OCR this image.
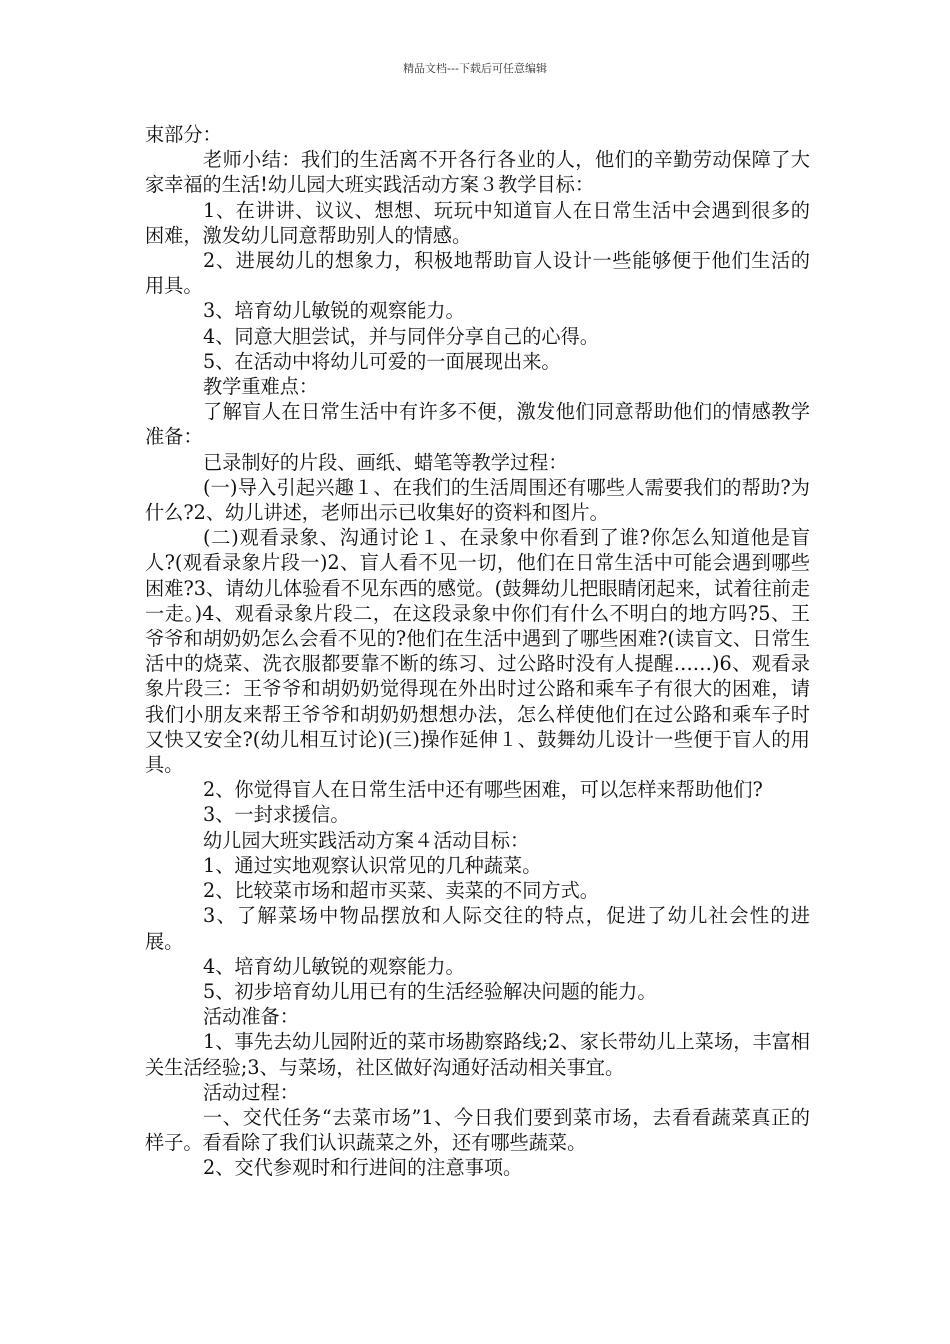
精品文档---下载后可任意编辑

束部分：

老师小结：我们的生活离不开各行各业的人，他们的辛勤劳动保障了大家幸福的生活!幼儿园大班实践活动方案３教学目标：

1、在讲讲、议议、想想、玩玩中知道盲人在日常生活中会遇到很多的困难，激发幼儿同意帮助别人的情感。

2、进展幼儿的想象力，积极地帮助盲人设计一些能够便于他们生活的用具。

3、培育幼儿敏锐的观察能力。

4、同意大胆尝试，并与同伴分享自己的心得。

5、在活动中将幼儿可爱的一面展现出来。

教学重难点：

了解盲人在日常生活中有许多不便，激发他们同意帮助他们的情感教学准备：

已录制好的片段、画纸、蜡笔等教学过程：

(一)导入引起兴趣１、在我们的生活周围还有哪些人需要我们的帮助?为什么?2、幼儿讲述，老师出示已收集好的资料和图片。

(二)观看录象、沟通讨论１、在录象中你看到了谁?你怎么知道他是盲人?(观看录象片段一)2、盲人看不见一切，他们在日常生活中可能会遇到哪些困难?3、请幼儿体验看不见东西的感觉。(鼓舞幼儿把眼睛闭起来，试着往前走一走。)4、观看录象片段二，在这段录象中你们有什么不明白的地方吗?5、王爷爷和胡奶奶怎么会看不见的?他们在生活中遇到了哪些困难?(读盲文、日常生活中的烧菜、洗衣服都要靠不断的练习、过公路时没有人提醒……)6、观看录象片段三：王爷爷和胡奶奶觉得现在外出时过公路和乘车子有很大的困难，请我们小朋友来帮王爷爷和胡奶奶想想办法，怎么样使他们在过公路和乘车子时又快又安全?(幼儿相互讨论)(三)操作延伸１、鼓舞幼儿设计一些便于盲人的用具。

2、你觉得盲人在日常生活中还有哪些困难，可以怎样来帮助他们?

3、一封求援信。

幼儿园大班实践活动方案４活动目标：

1、通过实地观察认识常见的几种蔬菜。

2、比较菜市场和超市买菜、卖菜的不同方式。

3、了解菜场中物品摆放和人际交往的特点，促进了幼儿社会性的进展。

4、培育幼儿敏锐的观察能力。

5、初步培育幼儿用已有的生活经验解决问题的能力。

活动准备：

1、事先去幼儿园附近的菜市场勘察路线;2、家长带幼儿上菜场，丰富相关生活经验;3、与菜场，社区做好沟通好活动相关事宜。

活动过程：

一、交代任务“去菜市场”1、今日我们要到菜市场，去看看蔬菜真正的样子。看看除了我们认识蔬菜之外，还有哪些蔬菜。

2、交代参观时和行进间的注意事项。
